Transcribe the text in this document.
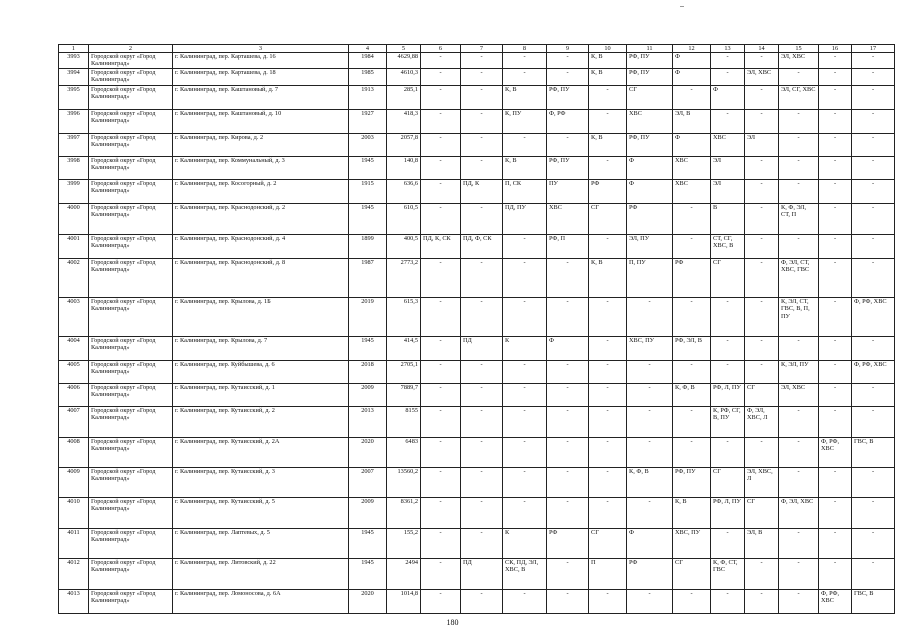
1	2	3	4	5	6	7	8	9	10	11	12	13	14	15	16	17
3993	Городской округ «Город Калининград»	г. Калининград, пер. Карташева, д. 16	1984	4629,88	-	-	-	-	К, В	РФ, ПУ	Ф	-	-	ЭЛ, ХВС	-	-
3994	Городской округ «Город Калининград»	г. Калининград, пер. Карташева, д. 18	1985	4610,3	-	-	-	-	К, В	РФ, ПУ	Ф	-	ЭЛ, ХВС	-	-	-
3995	Городской округ «Город Калининград»	г. Калининград, пер. Каштановый, д. 7	1913	285,1	-	-	К, В	РФ, ПУ	-	СГ	-	Ф	-	ЭЛ, СГ, ХВС	-	-
3996	Городской округ «Город Калининград»	г. Калининград, пер. Каштановый, д. 10	1927	418,3	-	-	К, ПУ	Ф, РФ	-	ХВС	ЭЛ, В	-	-	-	-	-
3997	Городской округ «Город Калининград»	г. Калининград, пер. Кирова, д. 2	2003	2057,8	-	-	-	-	К, В	РФ, ПУ	Ф	ХВС	ЭЛ	-	-	-
3998	Городской округ «Город Калининград»	г. Калининград, пер. Коммунальный, д. 3	1945	140,8	-	-	К, В	РФ, ПУ	-	Ф	ХВС	ЭЛ	-	-	-	-
3999	Городской округ «Город Калининград»	г. Калининград, пер. Косогорный, д. 2	1915	636,6	-	ПД, К	П, СК	ПУ	РФ	Ф	ХВС	ЭЛ	-	-	-	-
4000	Городской округ «Город Калининград»	г. Калининград, пер. Краснодонский, д. 2	1945	610,5	-	-	ПД, ПУ	ХВС	СГ	РФ	-	В	-	К, Ф, ЭЛ, СТ, П	-	-
4001	Городской округ «Город Калининград»	г. Калининград, пер. Краснодонский, д. 4	1899	400,5	ПД, К, СК	ПД, Ф, СК	-	РФ, П	-	ЭЛ, ПУ	-	СТ, СГ, ХВС, В	-	-	-	-
4002	Городской округ «Город Калининград»	г. Калининград, пер. Краснодонский, д. 8	1987	2773,2	-	-	-	-	К, В	П, ПУ	РФ	СГ	-	Ф, ЭЛ, СТ, ХВС, ГВС	-	-
4003	Городской округ «Город Калининград»	г. Калининград, пер. Крылова, д. 1Б	2019	615,3	-	-	-	-	-	-	-	-	-	К, ЭЛ, СТ, ГВС, В, П, ПУ	-	Ф, РФ, ХВС
4004	Городской округ «Город Калининград»	г. Калининград, пер. Крылова, д. 7	1945	414,5	-	ПД	К	Ф	-	ХВС, ПУ	РФ, ЭЛ, В	-	-	-	-	-
4005	Городской округ «Город Калининград»	г. Калининград, пер. Куйбышева, д. 6	2018	2705,1	-	-	-	-	-	-	-	-	-	К, ЭЛ, ПУ	-	Ф, РФ, ХВС
4006	Городской округ «Город Калининград»	г. Калининград, пер. Кутаисский, д. 1	2009	7889,7	-	-	-	-	-	-	К, Ф, В	РФ, Л, ПУ	СГ	ЭЛ, ХВС	-	-
4007	Городской округ «Город Калининград»	г. Калининград, пер. Кутаисский, д. 2	2013	8155	-	-	-	-	-	-	-	К, РФ, СГ, В, ПУ	Ф, ЭЛ, ХВС, Л	-	-	-
4008	Городской округ «Город Калининград»	г. Калининград, пер. Кутаисский, д. 2А	2020	6483	-	-	-	-	-	-	-	-	-	-	Ф, РФ, ХВС	ГВС, В
4009	Городской округ «Город Калининград»	г. Калининград, пер. Кутаисский, д. 3	2007	13560,2	-	-	-	-	-	К, Ф, В	РФ, ПУ	СГ	ЭЛ, ХВС, Л	-	-	-
4010	Городской округ «Город Калининград»	г. Калининград, пер. Кутаисский, д. 5	2009	8361,2	-	-	-	-	-	-	К, В	РФ, Л, ПУ	СГ	Ф, ЭЛ, ХВС	-	-
4011	Городской округ «Город Калининград»	г. Калининград, пер. Лаптевых, д. 5	1945	155,2	-	-	К	РФ	СГ	Ф	ХВС, ПУ	-	ЭЛ, В	-	-	-
4012	Городской округ «Город Калининград»	г. Калининград, пер. Литовский, д. 22	1945	2494	-	ПД	СК, ПД, ЭЛ, ХВС, В	-	П	РФ	СГ	К, Ф, СТ, ГВС	-	-	-	-
4013	Городской округ «Город Калининград»	г. Калининград, пер. Ломоносова, д. 6А	2020	1014,8	-	-	-	-	-	-	-	-	-	-	Ф, РФ, ХВС	ГВС, В
180
